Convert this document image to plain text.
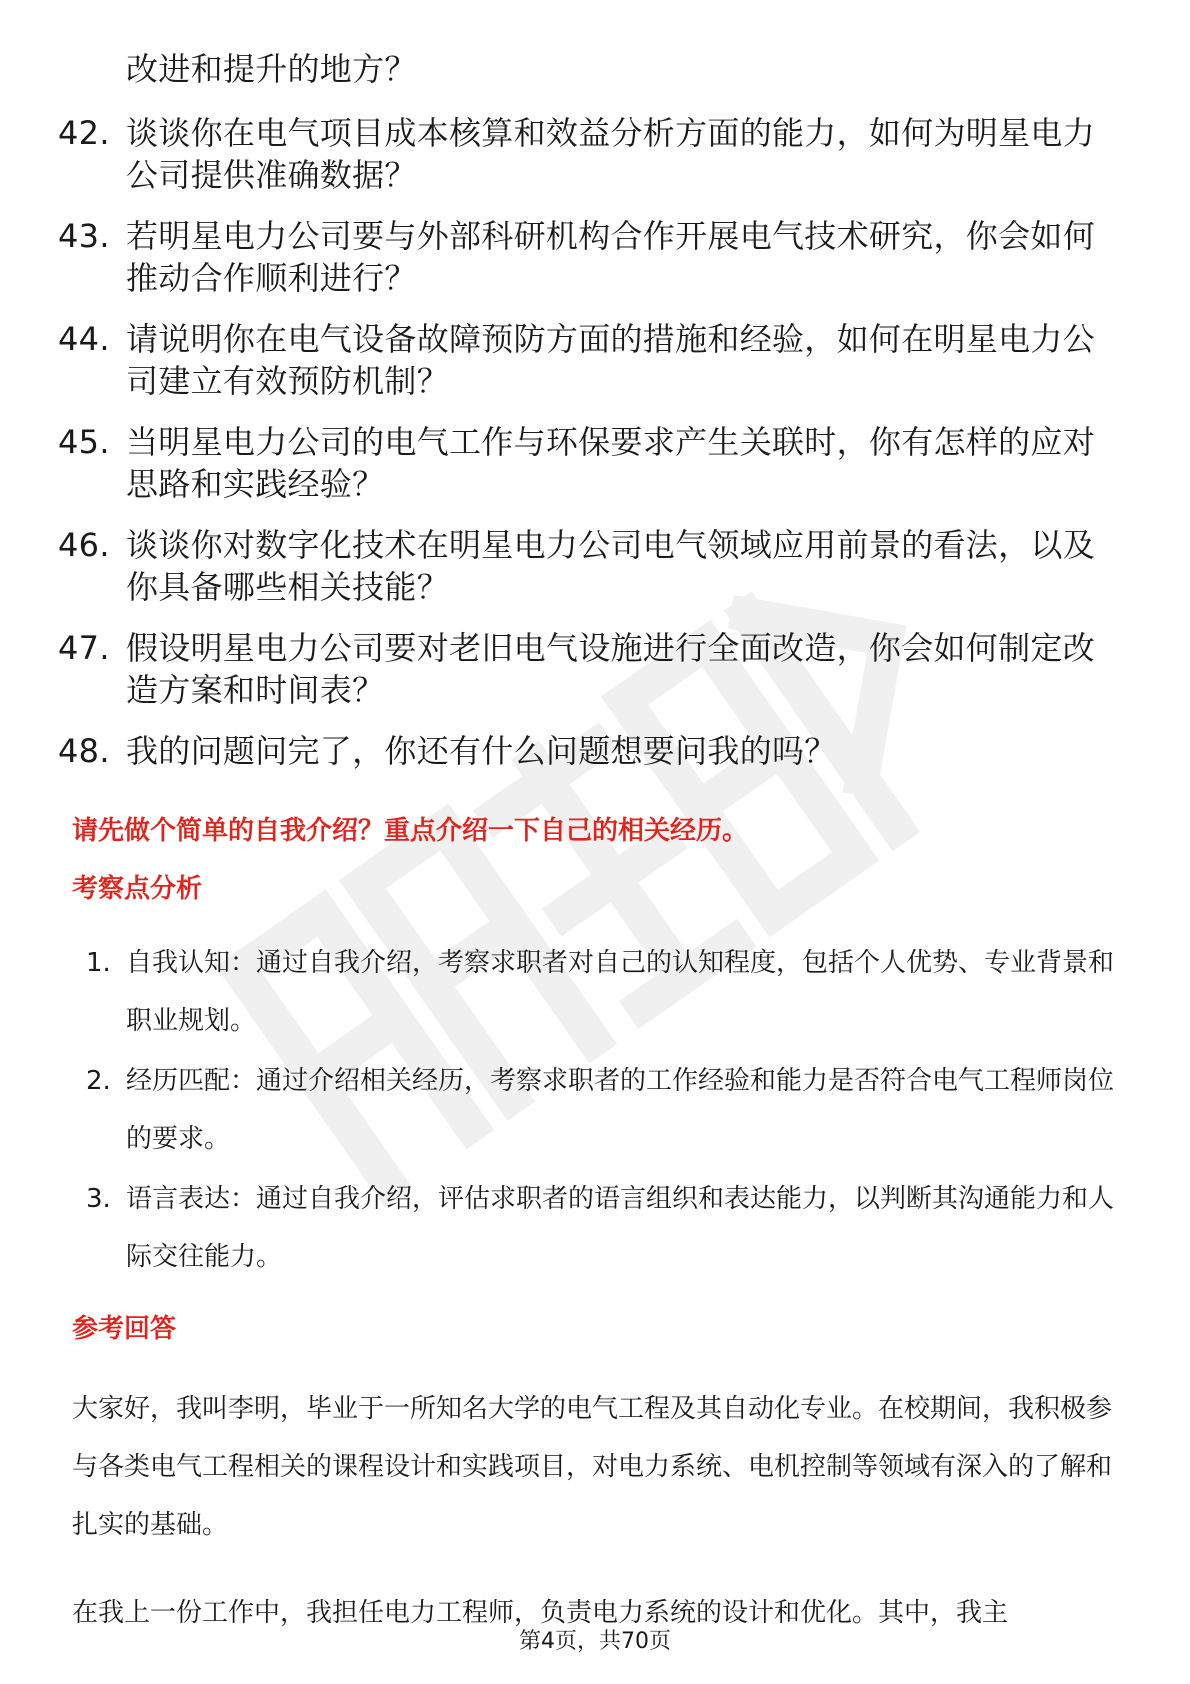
改进和提升的地方？
42. 谈谈你在电气项目成本核算和效益分析方面的能力，如何为明星电力公司提供准确数据？
43. 若明星电力公司要与外部科研机构合作开展电气技术研究，你会如何推动合作顺利进行？
44. 请说明你在电气设备故障预防方面的措施和经验，如何在明星电力公司建立有效预防机制？
45. 当明星电力公司的电气工作与环保要求产生关联时，你有怎样的应对思路和实践经验？
46. 谈谈你对数字化技术在明星电力公司电气领域应用前景的看法，以及你具备哪些相关技能？
47. 假设明星电力公司要对老旧电气设施进行全面改造，你会如何制定改造方案和时间表？
48. 我的问题问完了，你还有什么问题想要问我的吗？
请先做个简单的自我介绍？重点介绍一下自己的相关经历。
考察点分析
1. 自我认知：通过自我介绍，考察求职者对自己的认知程度，包括个人优势、专业背景和职业规划。
2. 经历匹配：通过介绍相关经历，考察求职者的工作经验和能力是否符合电气工程师岗位的要求。
3. 语言表达：通过自我介绍，评估求职者的语言组织和表达能力，以判断其沟通能力和人际交往能力。
参考回答

大家好，我叫李明，毕业于一所知名大学的电气工程及其自动化专业。在校期间，我积极参与各类电气工程相关的课程设计和实践项目，对电力系统、电机控制等领域有深入的了解和扎实的基础。

在我上一份工作中，我担任电力工程师，负责电力系统的设计和优化。其中，我主

第4页，共70页
